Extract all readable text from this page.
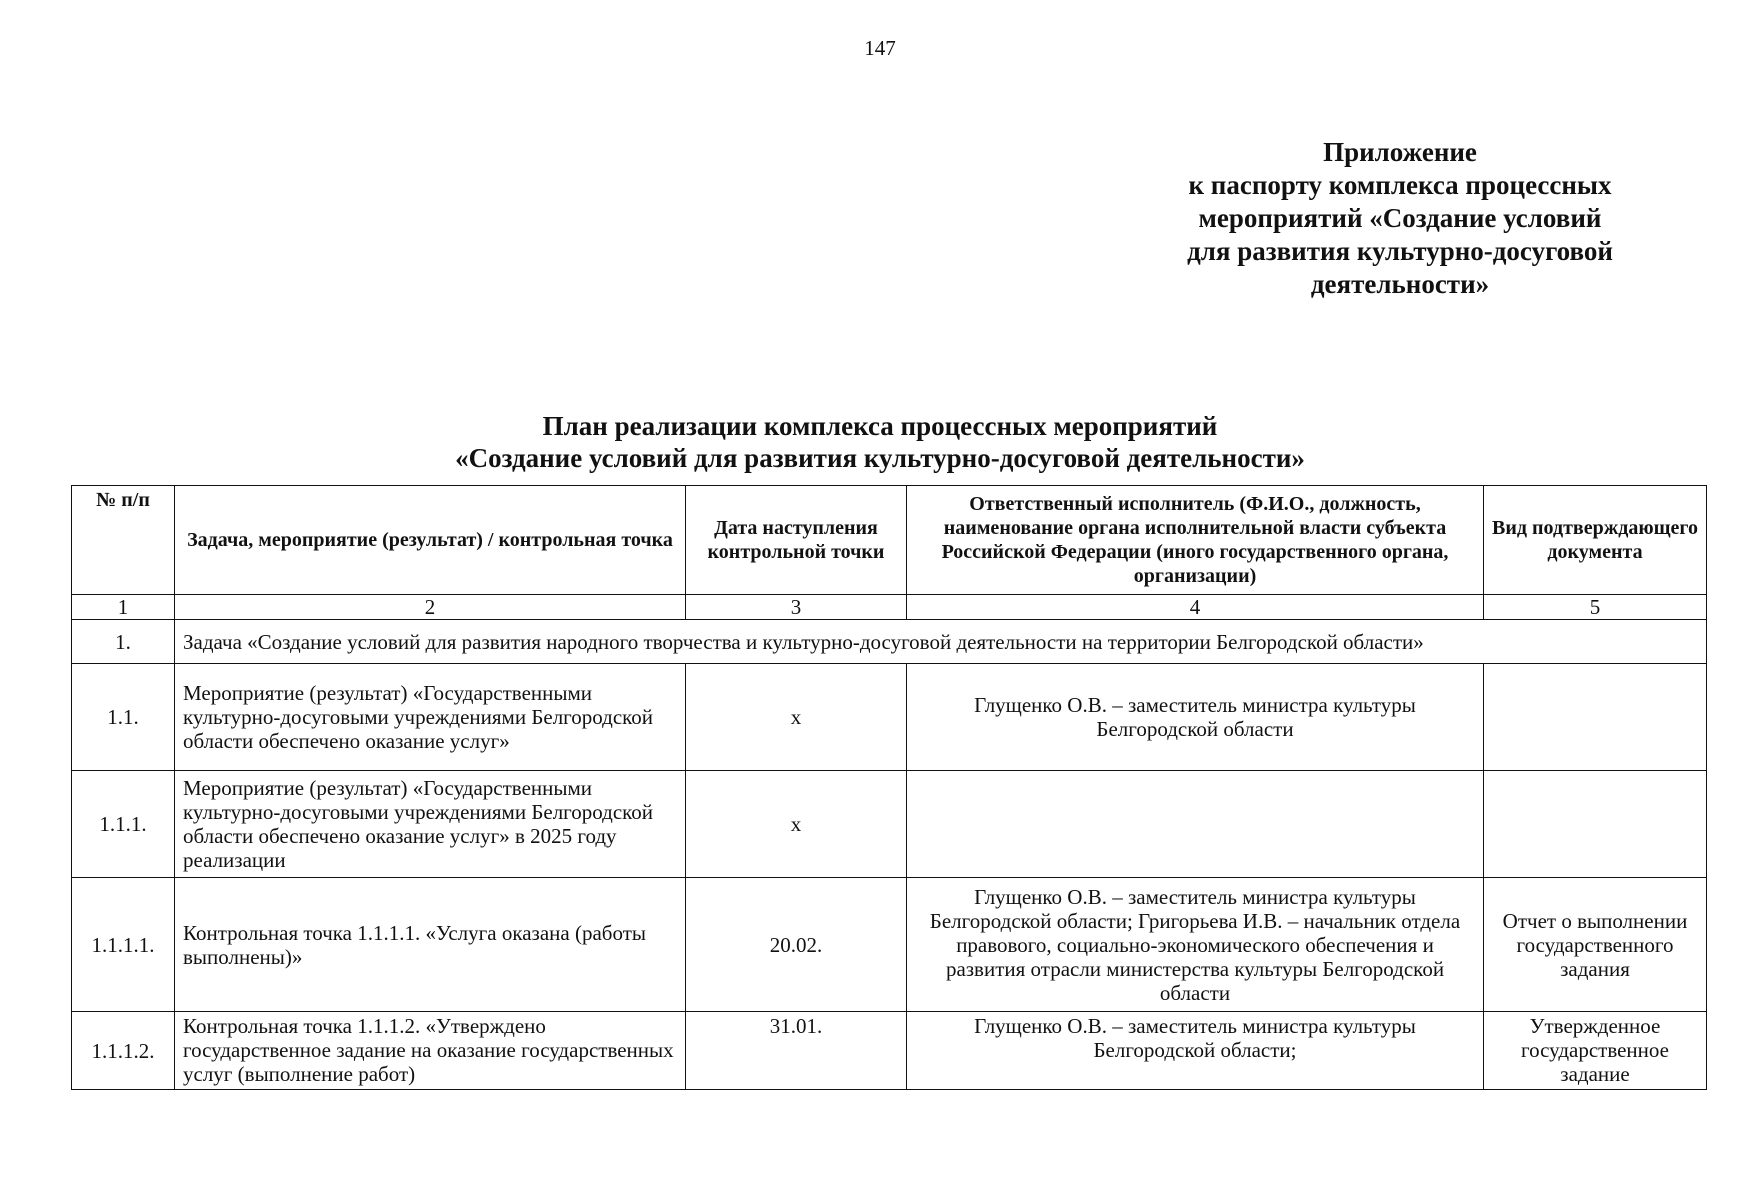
147
Приложение
к паспорту комплекса процессных
мероприятий «Создание условий
для развития культурно-досуговой
деятельности»
План реализации комплекса процессных мероприятий
«Создание условий для развития культурно-досуговой деятельности»
№ п/п	Задача, мероприятие (результат) / контрольная точка	Дата наступления контрольной точки	Ответственный исполнитель (Ф.И.О., должность, наименование органа исполнительной власти субъекта Российской Федерации (иного государственного органа, организации)	Вид подтверждающего документа
1	2	3	4	5
1.	Задача «Создание условий для развития народного творчества и культурно-досуговой деятельности на территории Белгородской области»			
1.1.	Мероприятие (результат) «Государственными культурно-досуговыми учреждениями Белгородской области обеспечено оказание услуг»	х	Глущенко О.В. – заместитель министра культуры Белгородской области	
1.1.1.	Мероприятие (результат) «Государственными культурно-досуговыми учреждениями Белгородской области обеспечено оказание услуг» в 2025 году реализации	х		
1.1.1.1.	Контрольная точка 1.1.1.1. «Услуга оказана (работы выполнены)»	20.02.	Глущенко О.В. – заместитель министра культуры Белгородской области; Григорьева И.В. – начальник отдела правового, социально-экономического обеспечения и развития отрасли министерства культуры Белгородской области	Отчет о выполнении государственного задания
1.1.1.2.	Контрольная точка 1.1.1.2. «Утверждено государственное задание на оказание государственных услуг (выполнение работ)	31.01.	Глущенко О.В. – заместитель министра культуры Белгородской области;	Утвержденное государственное задание
